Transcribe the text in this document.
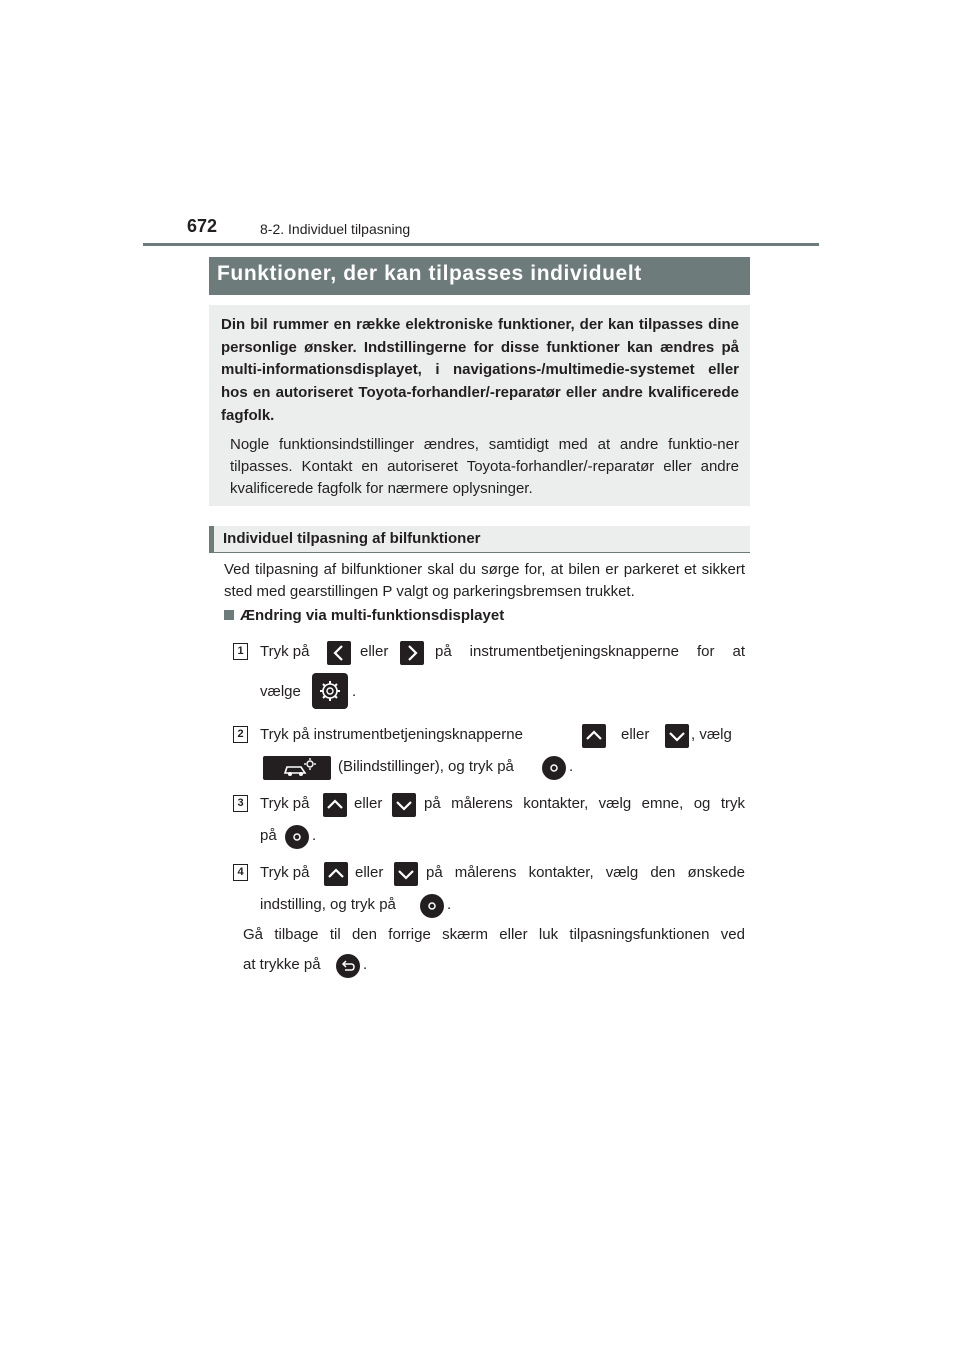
672	8-2. Individuel tilpasning
Funktioner, der kan tilpasses individuelt
Din bil rummer en række elektroniske funktioner, der kan tilpasses dine personlige ønsker. Indstillingerne for disse funktioner kan ændres på multi-informationsdisplayet, i navigations-/multimedie-systemet eller hos en autoriseret Toyota-forhandler/-reparatør eller andre kvalificerede fagfolk.
Nogle funktionsindstillinger ændres, samtidigt med at andre funktio-ner tilpasses. Kontakt en autoriseret Toyota-forhandler/-reparatør eller andre kvalificerede fagfolk for nærmere oplysninger.
Individuel tilpasning af bilfunktioner
Ved tilpasning af bilfunktioner skal du sørge for, at bilen er parkeret et sikkert sted med gearstillingen P valgt og parkeringsbremsen trukket.
Ændring via multi-funktionsdisplayet
1 Tryk på	eller	på instrumentbetjeningsknapperne for at
vælge	.
2 Tryk på instrumentbetjeningsknapperne	eller	, vælg
(Bilindstillinger), og tryk på	.
3 Tryk på	eller	på målerens kontakter, vælg emne, og tryk
på .
4 Tryk på	eller	på målerens kontakter, vælg den ønskede
indstilling, og tryk på	.
Gå tilbage til den forrige skærm eller luk tilpasningsfunktionen ved
at trykke på	.
